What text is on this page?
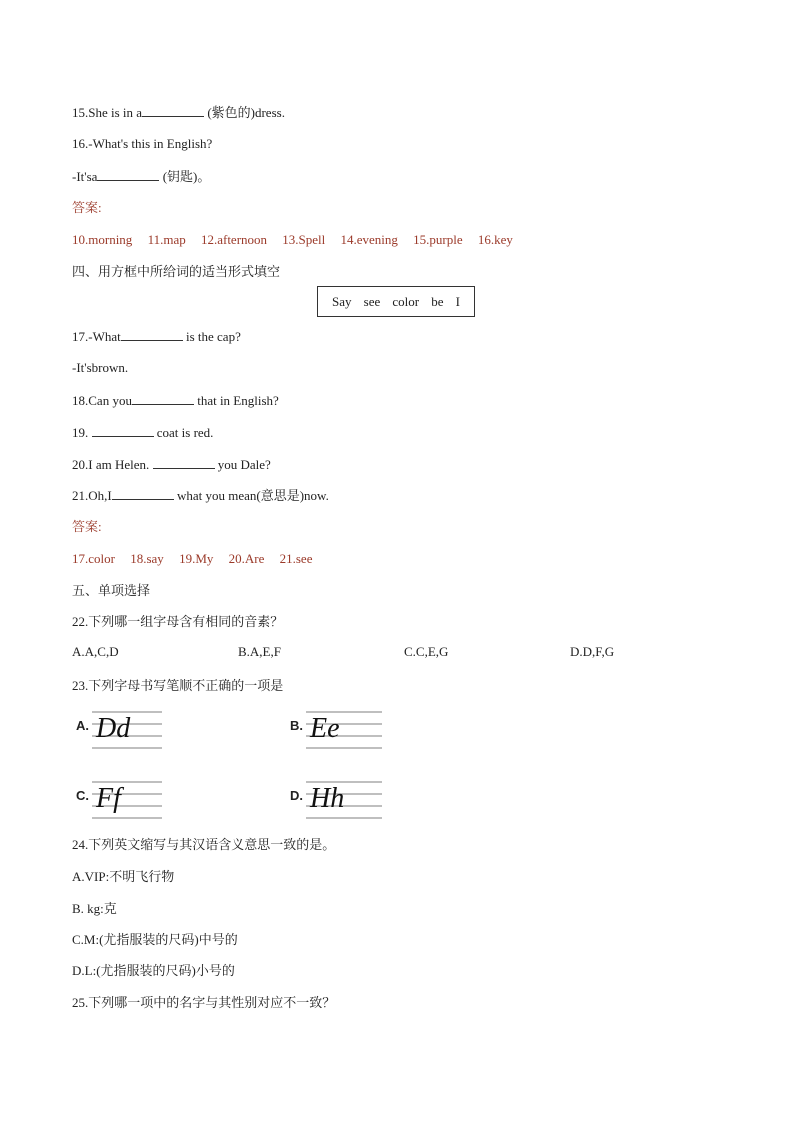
15.She is in a	(紫色的)dress.
16.-What's this in English?
-It'sa	(钥匙)。
答案:
10.morning 11.map 12.afternoon 13.Spell 14.evening 15.purple 16.key
四、用方框中所给词的适当形式填空
Say see color be I
17.-What	is the cap?
-It'sbrown.
18.Can you	that in English?
19.	coat is red.
20.I am Helen.	you Dale?
21.Oh,I	what you mean(意思是)now.
答案:
17.color 18.say 19.My 20.Are 21.see
五、单项选择
22.下列哪一组字母含有相同的音素？
A.A,C,D	B.A,E,F	C.C,E,G	D.D,F,G
23.下列字母书写笔顺不正确的一项是
A. Dd	B. Ee
C. Ff	D. Hh
24.下列英文缩写与其汉语含义意思一致的是。
A.VIP:不明飞行物
B. kg:克
C.M:(尤指服装的尺码)中号的
D.L:(尤指服装的尺码)小号的
25.下列哪一项中的名字与其性别对应不一致？
